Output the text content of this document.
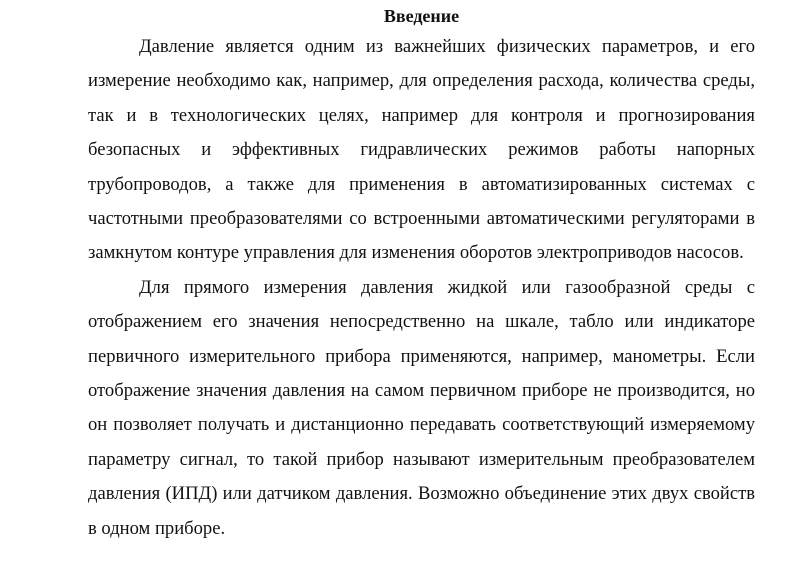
Введение

Давление является одним из важнейших физических параметров, и его измерение необходимо как, например, для определения расхода, количества среды, так и в технологических целях, например для контроля и прогнозирования безопасных и эффективных гидравлических режимов работы напорных трубопроводов, а также для применения в автоматизированных системах с частотными преобразователями со встроенными автоматическими регуляторами в замкнутом контуре управления для изменения оборотов электроприводов насосов.

Для прямого измерения давления жидкой или газообразной среды с отображением его значения непосредственно на шкале, табло или индикаторе первичного измерительного прибора применяются, например, манометры. Если отображение значения давления на самом первичном приборе не производится, но он позволяет получать и дистанционно передавать соответствующий измеряемому параметру сигнал, то такой прибор называют измерительным преобразователем давления (ИПД) или датчиком давления. Возможно объединение этих двух свойств в одном приборе.
